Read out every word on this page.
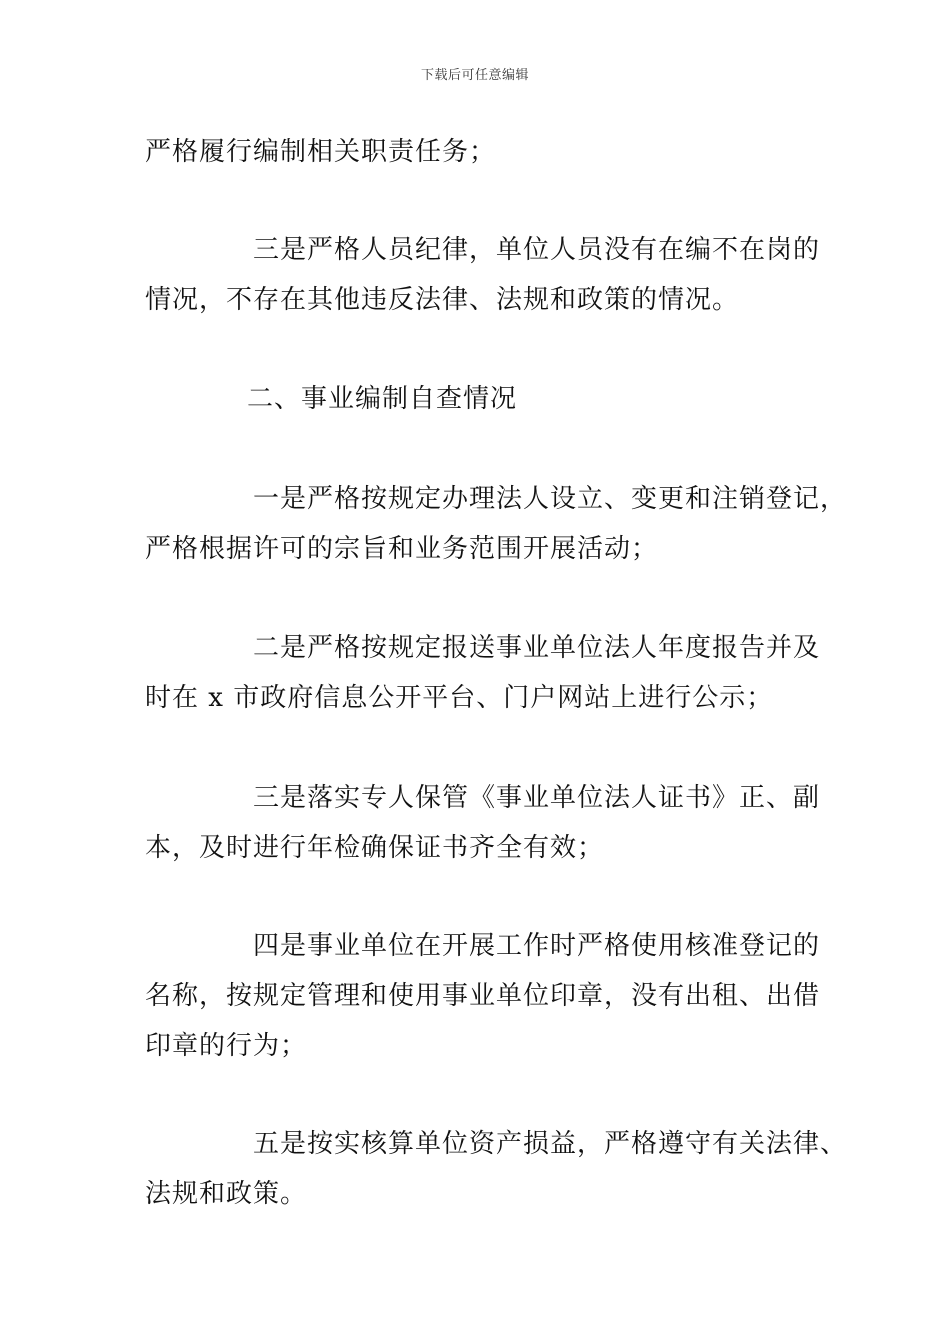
下载后可任意编辑

严格履行编制相关职责任务；

三是严格人员纪律，单位人员没有在编不在岗的
情况，不存在其他违反法律、法规和政策的情况。

二、事业编制自查情况

一是严格按规定办理法人设立、变更和注销登记，
严格根据许可的宗旨和业务范围开展活动；

二是严格按规定报送事业单位法人年度报告并及
时在 x 市政府信息公开平台、门户网站上进行公示；

三是落实专人保管《事业单位法人证书》正、副
本，及时进行年检确保证书齐全有效；

四是事业单位在开展工作时严格使用核准登记的
名称，按规定管理和使用事业单位印章，没有出租、出借
印章的行为；

五是按实核算单位资产损益，严格遵守有关法律、
法规和政策。
